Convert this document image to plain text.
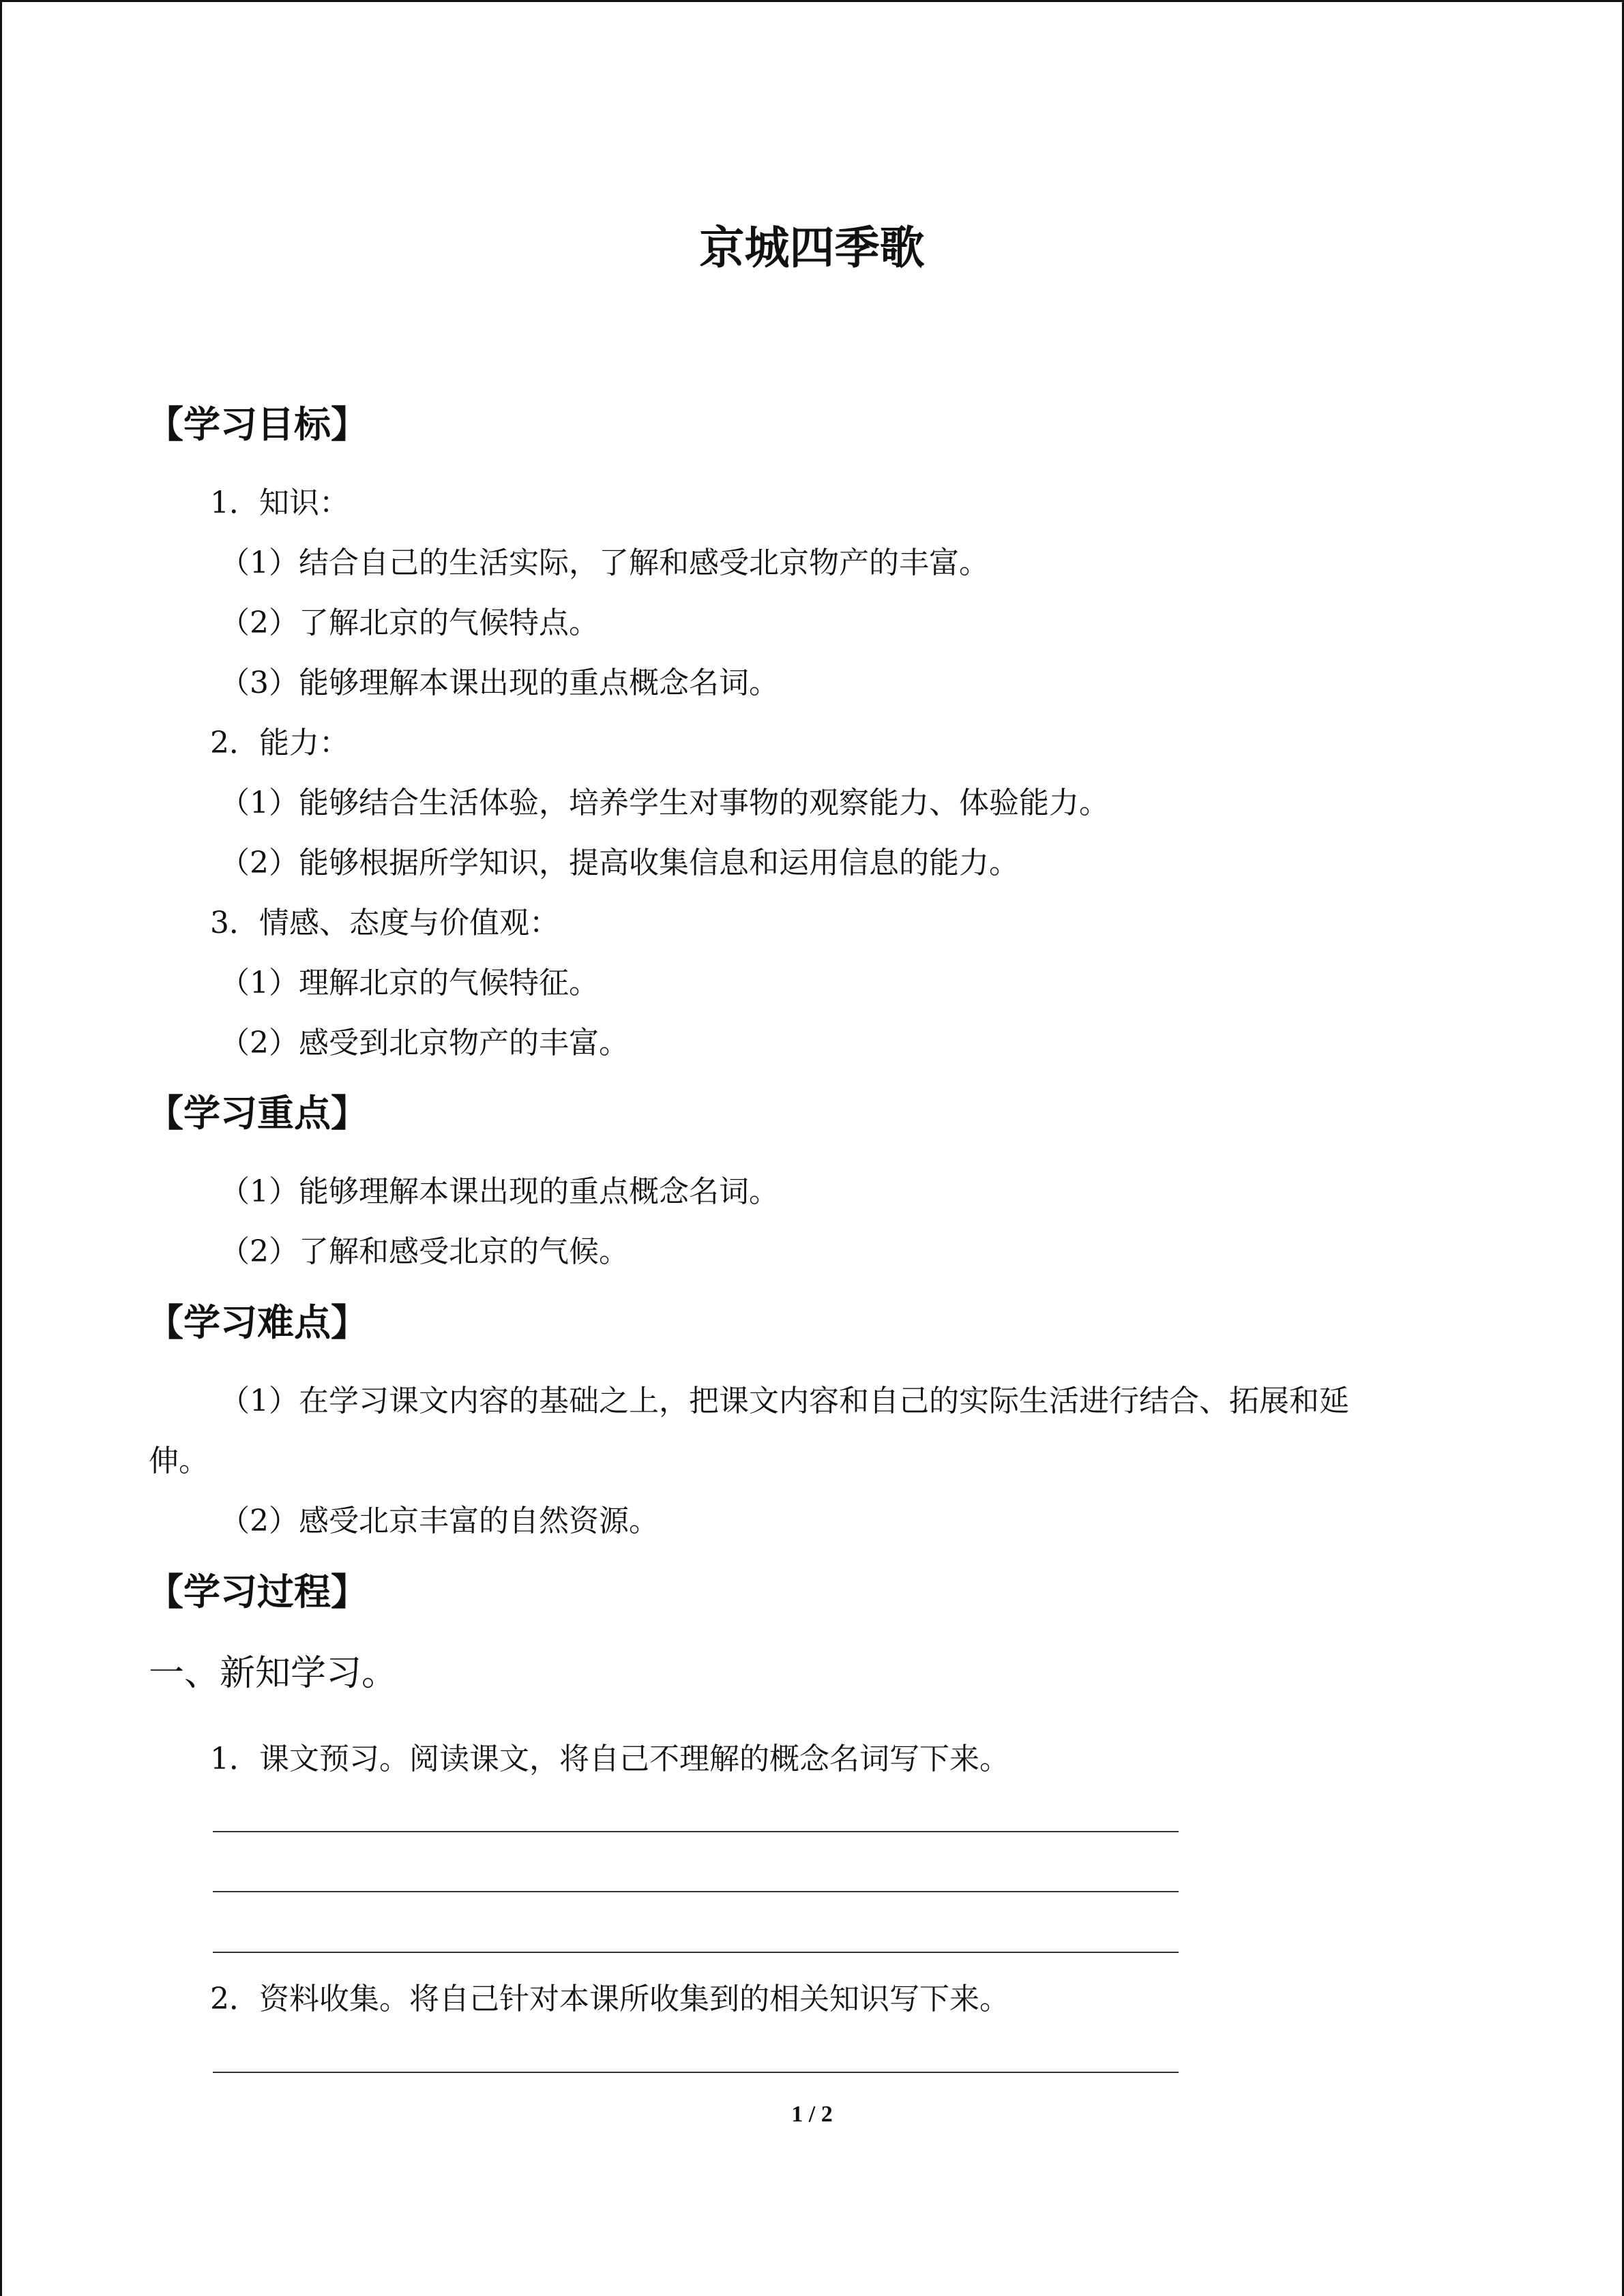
京城四季歌
【学习目标】
1．知识：
（1）结合自己的生活实际，了解和感受北京物产的丰富。
（2）了解北京的气候特点。
（3）能够理解本课出现的重点概念名词。
2．能力：
（1）能够结合生活体验，培养学生对事物的观察能力、体验能力。
（2）能够根据所学知识，提高收集信息和运用信息的能力。
3．情感、态度与价值观：
（1）理解北京的气候特征。
（2）感受到北京物产的丰富。
【学习重点】
（1）能够理解本课出现的重点概念名词。
（2）了解和感受北京的气候。
【学习难点】
（1）在学习课文内容的基础之上，把课文内容和自己的实际生活进行结合、拓展和延
伸。
（2）感受北京丰富的自然资源。
【学习过程】
一、新知学习。
1．课文预习。阅读课文，将自己不理解的概念名词写下来。
2．资料收集。将自己针对本课所收集到的相关知识写下来。
1 / 2
